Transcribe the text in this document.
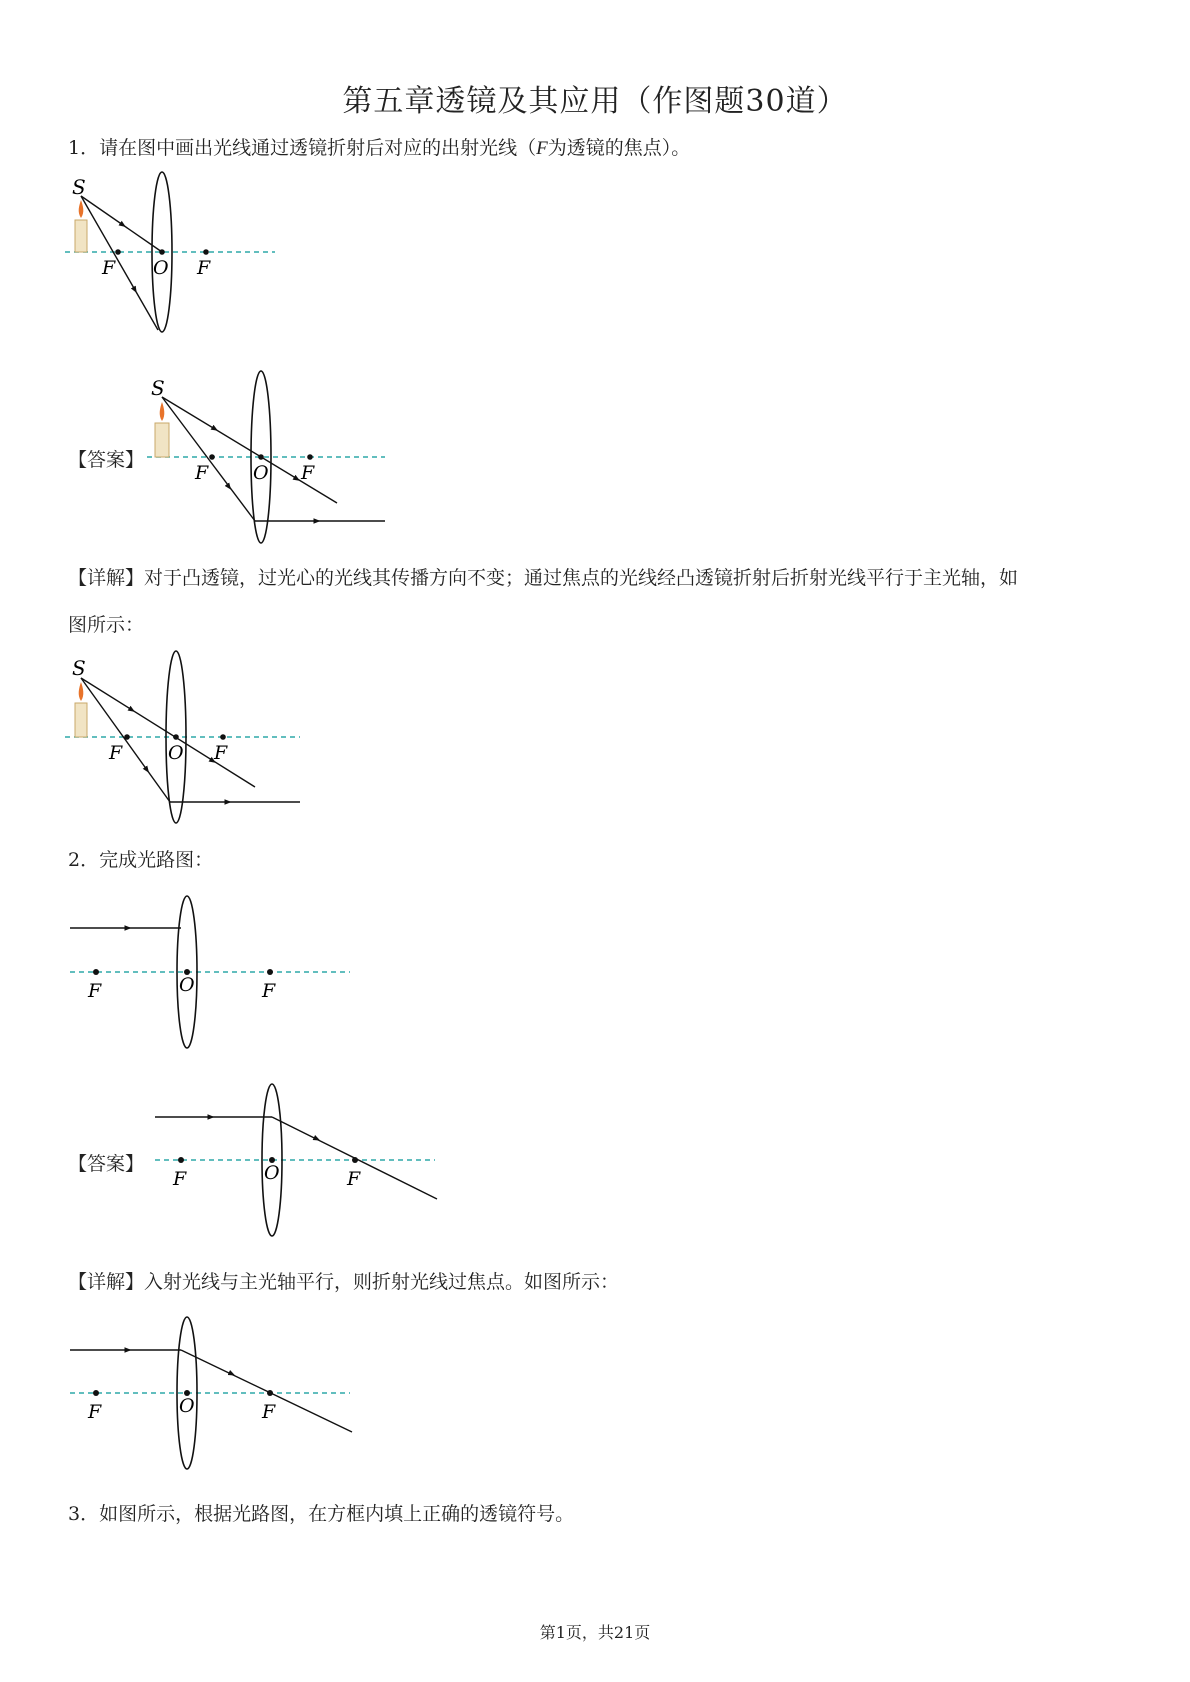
第五章透镜及其应用（作图题30道）
1．请在图中画出光线通过透镜折射后对应的出射光线（F为透镜的焦点）。
S
F O F
【答案】
S
F O F
【详解】对于凸透镜，过光心的光线其传播方向不变；通过焦点的光线经凸透镜折射后折射光线平行于主光轴，如
图所示：
S
F O F
2．完成光路图：
F	O	F
【答案】
F	O	F
【详解】入射光线与主光轴平行，则折射光线过焦点。如图所示：
F	O	F
3．如图所示，根据光路图，在方框内填上正确的透镜符号。
第1页，共21页
